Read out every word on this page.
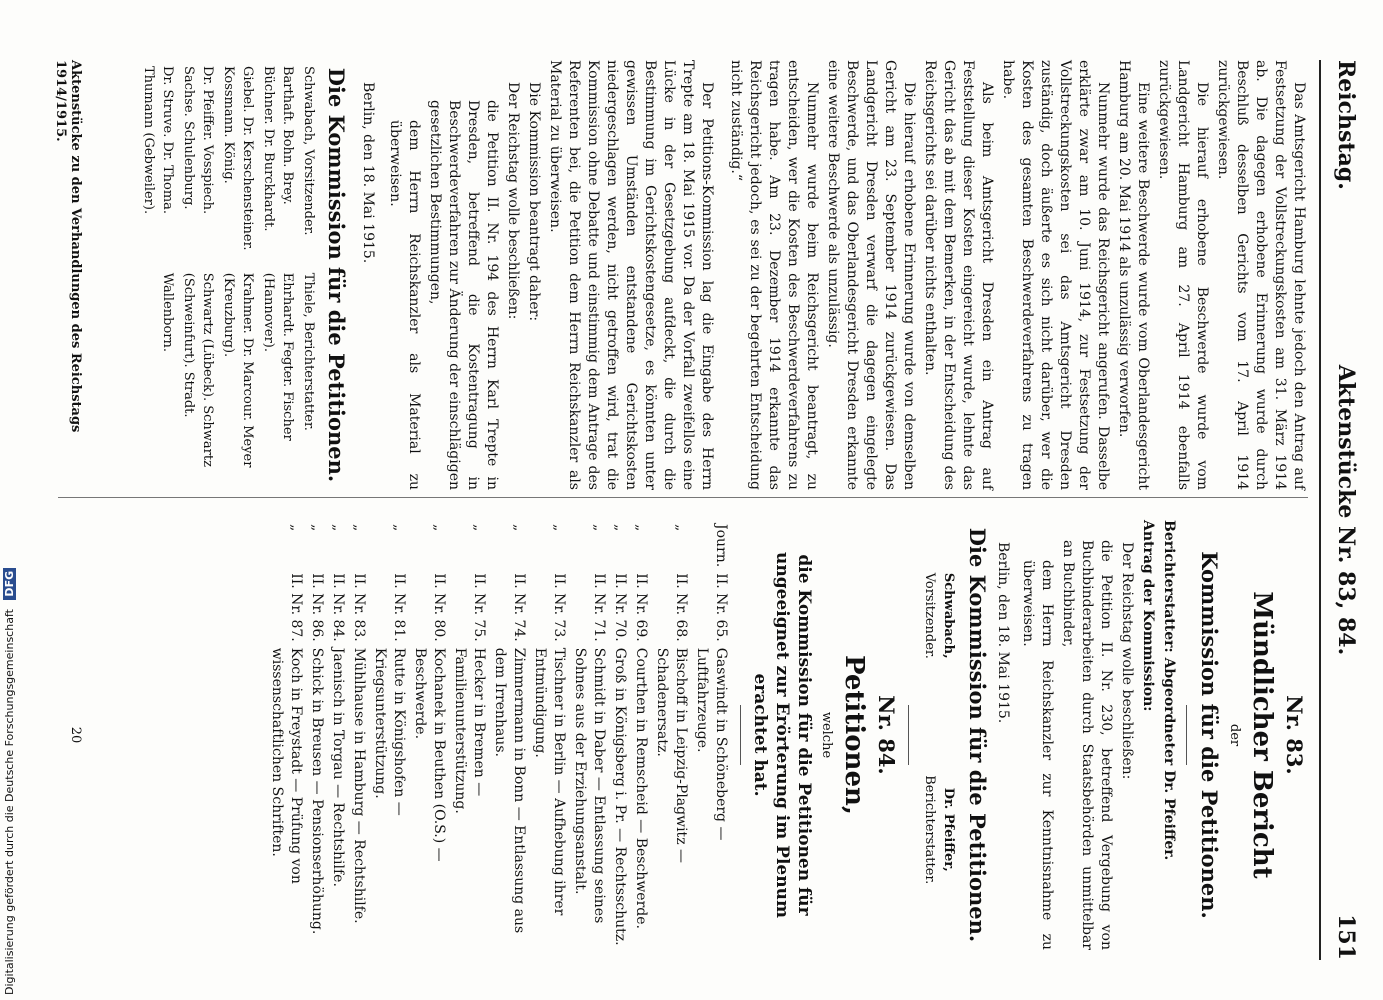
Reichstag.
Aktenstücke Nr. 83, 84.
151

Das Amtsgericht Hamburg lehnte jedoch den Antrag auf Festsetzung der Vollstreckungskosten am 31. März 1914 ab. Die dagegen erhobene Erinnerung wurde durch Beschluß desselben Gerichts vom 17. April 1914 zurückgewiesen.

Die hierauf erhobene Beschwerde wurde vom Landgericht Hamburg am 27. April 1914 ebenfalls zurückgewiesen.

Eine weitere Beschwerde wurde vom Oberlandesgericht Hamburg am 20. Mai 1914 als unzulässig verworfen.

Nunmehr wurde das Reichsgericht angerufen. Dasselbe erklärte zwar am 10. Juni 1914, zur Festsetzung der Vollstreckungskosten sei das Amtsgericht Dresden zuständig, doch äußerte es sich nicht darüber, wer die Kosten des gesamten Beschwerdeverfahrens zu tragen habe.

Als beim Amtsgericht Dresden ein Antrag auf Feststellung dieser Kosten eingereicht wurde, lehnte das Gericht das ab mit dem Bemerken, in der Entscheidung des Reichsgerichts sei darüber nichts enthalten.

Die hierauf erhobene Erinnerung wurde von demselben Gericht am 23. September 1914 zurückgewiesen. Das Landgericht Dresden verwarf die dagegen eingelegte Beschwerde, und das Oberlandesgericht Dresden erkannte eine weitere Beschwerde als unzulässig.

Nunmehr wurde beim Reichsgericht beantragt, zu entscheiden, wer die Kosten des Beschwerdeverfahrens zu tragen habe. Am 23. Dezember 1914 erkannte das Reichsgericht jedoch, es sei zu der begehrten Entscheidung nicht zuständig.“

Der Petitions-Kommission lag die Eingabe des Herrn Trepte am 18. Mai 1915 vor. Da der Vorfall zweifellos eine Lücke in der Gesetzgebung aufdeckt, die durch die Bestimmung im Gerichtskostengesetze, es könnten unter gewissen Umständen entstandene Gerichtskosten niedergeschlagen werden, nicht getroffen wird, trat die Kommission ohne Debatte und einstimmig dem Antrage des Referenten bei, die Petition dem Herrn Reichskanzler als Material zu überweisen.

Die Kommission beantragt daher:

Der Reichstag wolle beschließen:

die Petition II. Nr. 194 des Herrn Karl Trepte in Dresden, betreffend die Kostentragung in Beschwerdeverfahren zur Änderung der einschlägigen gesetzlichen Bestimmungen,

dem Herrn Reichskanzler als Material zu überweisen.

Berlin, den 18. Mai 1915.

Die Kommission für die Petitionen.

Schwabach, Vorsitzender.	Thiele, Berichterstatter.
Barthaft. Bohn. Brey. Büchner. Dr. Burckhardt.	Ehrhardt. Fegter. Fischer (Hannover).
Giebel. Dr. Kerschensteiner. Kossmann. König.	Krahmer. Dr. Marcour. Meyer (Kreuzburg).
Dr. Pfeiffer. Vosspiech. Sachse. Schulenburg.	Schwartz (Lübeck). Schwartz (Schweinfurt). Stradt.
Dr. Struve. Dr. Thoma. Thumann (Gebweiler).	Wallenborn.

Nr. 83.

Mündlicher Bericht

der

Kommission für die Petitionen.

Berichterstatter: Abgeordneter Dr. Pfeiffer.

Antrag der Kommission:

Der Reichstag wolle beschließen:

die Petition II. Nr. 230, betreffend Vergebung von Buchbinderarbeiten durch Staatsbehörden unmittelbar an Buchbinder,

dem Herrn Reichskanzler zur Kenntnisnahme zu überweisen.

Berlin, den 18. Mai 1915.

Die Kommission für die Petitionen.

Schwabach,
Vorsitzender.	Dr. Pfeiffer,
Berichterstatter.

Nr. 84.

Petitionen,

welche

die Kommission für die Petitionen für ungeeignet zur Erörterung im Plenum erachtet hat.

Journ.	II. Nr. 65.	Gaswindt in Schöneberg — Luftfahrzeuge.
„	II. Nr. 68.	Bischoff in Leipzig-Plagwitz — Schadenersatz.
„	II. Nr. 69.	Courthen in Remscheid — Beschwerde.
„	II. Nr. 70.	Groß in Königsberg i. Pr. — Rechtsschutz.
„	II. Nr. 71.	Schmidt in Daber — Entlassung seines Sohnes aus der Erziehungsanstalt.
„	II. Nr. 73.	Tischner in Berlin — Aufhebung ihrer Entmündigung.
„	II. Nr. 74.	Zimmermann in Bonn — Entlassung aus dem Irrenhaus.
„	II. Nr. 75.	Hecker in Bremen — Familienunterstützung.
„	II. Nr. 80.	Kochanek in Beuthen (O.S.) — Beschwerde.
„	II. Nr. 81.	Rutte in Königshofen — Kriegsunterstützung.
„	II. Nr. 83.	Mühlhause in Hamburg — Rechtshilfe.
„	II. Nr. 84.	Jaenisch in Torgau — Rechtshilfe.
„	II. Nr. 86.	Schick in Breusen — Pensionserhöhung.
„	II. Nr. 87.	Koch in Freystadt — Prüfung von wissenschaftlichen Schriften.
Aktenstücke zu den Verhandlungen des Reichstags 1914/1915.
20
Digitalisierung gefördert durch die Deutsche Forschungsgemeinschaft DFG
